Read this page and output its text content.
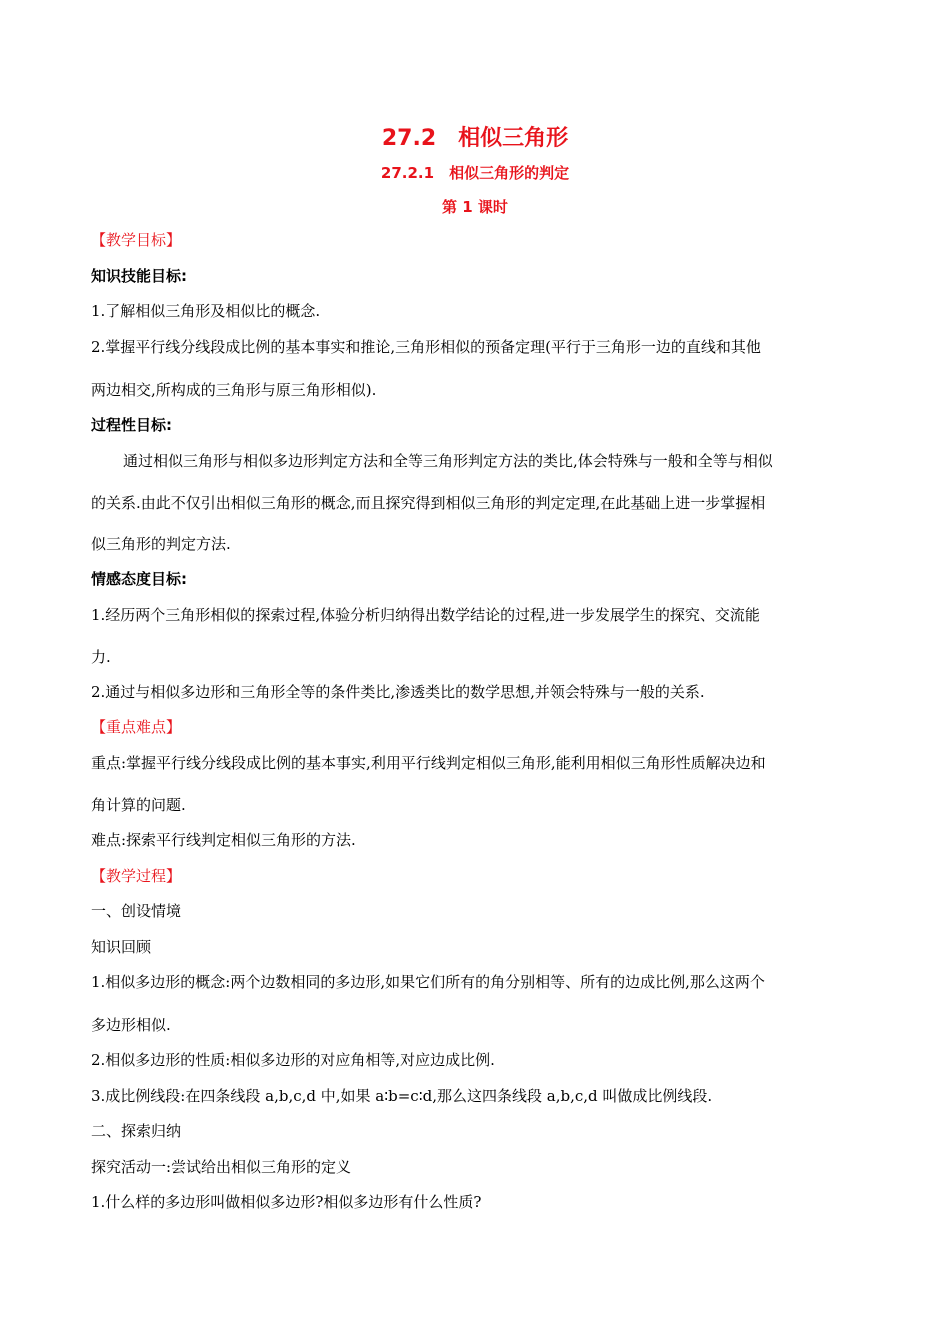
27.2　相似三角形
27.2.1　相似三角形的判定
第 1 课时
【教学目标】
知识技能目标:
1.了解相似三角形及相似比的概念.
2.掌握平行线分线段成比例的基本事实和推论,三角形相似的预备定理(平行于三角形一边的直线和其他
两边相交,所构成的三角形与原三角形相似).
过程性目标:
通过相似三角形与相似多边形判定方法和全等三角形判定方法的类比,体会特殊与一般和全等与相似
的关系.由此不仅引出相似三角形的概念,而且探究得到相似三角形的判定定理,在此基础上进一步掌握相
似三角形的判定方法.
情感态度目标:
1.经历两个三角形相似的探索过程,体验分析归纳得出数学结论的过程,进一步发展学生的探究、交流能
力.
2.通过与相似多边形和三角形全等的条件类比,渗透类比的数学思想,并领会特殊与一般的关系.
【重点难点】
重点:掌握平行线分线段成比例的基本事实,利用平行线判定相似三角形,能利用相似三角形性质解决边和
角计算的问题.
难点:探索平行线判定相似三角形的方法.
【教学过程】
一、创设情境
知识回顾
1.相似多边形的概念:两个边数相同的多边形,如果它们所有的角分别相等、所有的边成比例,那么这两个
多边形相似.
2.相似多边形的性质:相似多边形的对应角相等,对应边成比例.
3.成比例线段:在四条线段 a,b,c,d 中,如果 a∶b=c∶d,那么这四条线段 a,b,c,d 叫做成比例线段.
二、探索归纳
探究活动一:尝试给出相似三角形的定义
1.什么样的多边形叫做相似多边形?相似多边形有什么性质?
